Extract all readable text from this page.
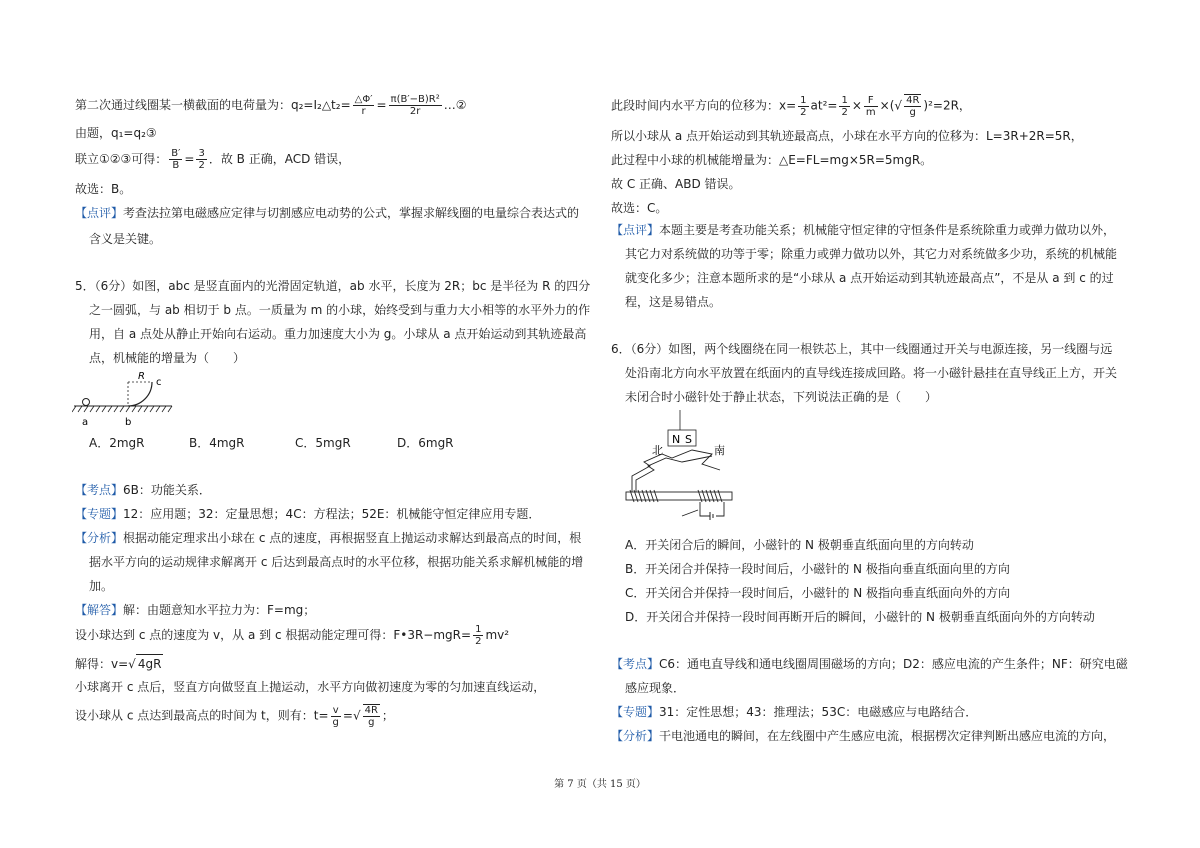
第二次通过线圈某一横截面的电荷量为：q₂=I₂△t₂= $\frac{\triangle\Phi'}{r} = \frac{\text{π(B′−B)R²}}{2r}$ …②
由题，q₁=q₂③
联立①②③可得： $\frac{B'}{B} = \frac{3}{2}$ ．故 B 正确，ACD 错误，
故选：B。
【点评】考查法拉第电磁感应定律与切割感应电动势的公式，掌握求解线圈的电量综合表达式的
含义是关键。
5．（6分）如图，abc 是竖直面内的光滑固定轨道，ab 水平，长度为 2R；bc 是半径为 R 的四分
之一圆弧，与 ab 相切于 b 点。一质量为 m 的小球，始终受到与重力大小相等的水平外力的作
用，自 a 点处从静止开始向右运动。重力加速度大小为 g。小球从 a 点开始运动到其轨迹最高
点，机械能的增量为（　　）
R
c
a	b
A．2mgR	B．4mgR	C．5mgR	D．6mgR
【考点】6B：功能关系．
【专题】12：应用题；32：定量思想；4C：方程法；52E：机械能守恒定律应用专题．
【分析】根据动能定理求出小球在 c 点的速度，再根据竖直上抛运动求解达到最高点的时间，根
据水平方向的运动规律求解离开 c 后达到最高点时的水平位移，根据功能关系求解机械能的增
加。
【解答】解：由题意知水平拉力为：F=mg；
设小球达到 c 点的速度为 v，从 a 到 c 根据动能定理可得：F•3R−mgR= $\frac{1}{2} mv^2$
解得：v=√ 4gR
小球离开 c 点后，竖直方向做竖直上抛运动，水平方向做初速度为零的匀加速直线运动，
设小球从 c 点达到最高点的时间为 t，则有：$t= \frac{v}{g}$ =√ $\frac{4R}{g}$ ；
此段时间内水平方向的位移为：$x= \frac{1}{2} at^2= \frac{1}{2} \times \frac{F}{m}$ ×(√ $\frac{4R}{g} )^2=2R$，
所以小球从 a 点开始运动到其轨迹最高点，小球在水平方向的位移为：L=3R+2R=5R，
此过程中小球的机械能增量为：△E=FL=mg×5R=5mgR。
故 C 正确、ABD 错误。
故选：C。
【点评】本题主要是考查功能关系；机械能守恒定律的守恒条件是系统除重力或弹力做功以外，
其它力对系统做的功等于零；除重力或弹力做功以外，其它力对系统做多少功，系统的机械能
就变化多少；注意本题所求的是“小球从 a 点开始运动到其轨迹最高点”，不是从 a 到 c 的过
程，这是易错点。
6．（6分）如图，两个线圈绕在同一根铁芯上，其中一线圈通过开关与电源连接，另一线圈与远
处沿南北方向水平放置在纸面内的直导线连接成回路。将一小磁针悬挂在直导线正上方，开关
未闭合时小磁针处于静止状态，下列说法正确的是（　　）
N S
北	南
A．开关闭合后的瞬间，小磁针的 N 极朝垂直纸面向里的方向转动
B．开关闭合并保持一段时间后，小磁针的 N 极指向垂直纸面向里的方向
C．开关闭合并保持一段时间后，小磁针的 N 极指向垂直纸面向外的方向
D．开关闭合并保持一段时间再断开后的瞬间，小磁针的 N 极朝垂直纸面向外的方向转动
【考点】C6：通电直导线和通电线圈周围磁场的方向；D2：感应电流的产生条件；NF：研究电磁
感应现象．
【专题】31：定性思想；43：推理法；53C：电磁感应与电路结合．
【分析】干电池通电的瞬间，在左线圈中产生感应电流，根据楞次定律判断出感应电流的方向，
第 7 页（共 15 页）
